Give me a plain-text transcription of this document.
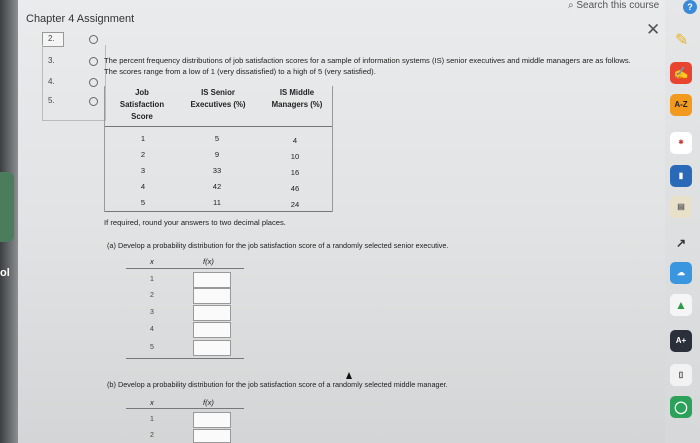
ol
⌕ Search this course
Chapter 4 Assignment
✕
2.
3.
4.
5.
The percent frequency distributions of job satisfaction scores for a sample of information systems (IS) senior executives and middle managers are as follows. The scores range from a low of 1 (very dissatisfied) to a high of 5 (very satisfied).
Job Satisfaction Score
IS Senior Executives (%)
IS Middle Managers (%)
1	5	4
2	9	10
3	33	16
4	42	46
5	11	24
If required, round your answers to two decimal places.
(a) Develop a probability distribution for the job satisfaction score of a randomly selected senior executive.
x	f(x)
1
2
3
4
5
(b) Develop a probability distribution for the job satisfaction score of a randomly selected middle manager.
x	f(x)
1
2
?
✎
✍
A-Z
✱
▮
▤
↗
☁
▲
A+
▯
◯
